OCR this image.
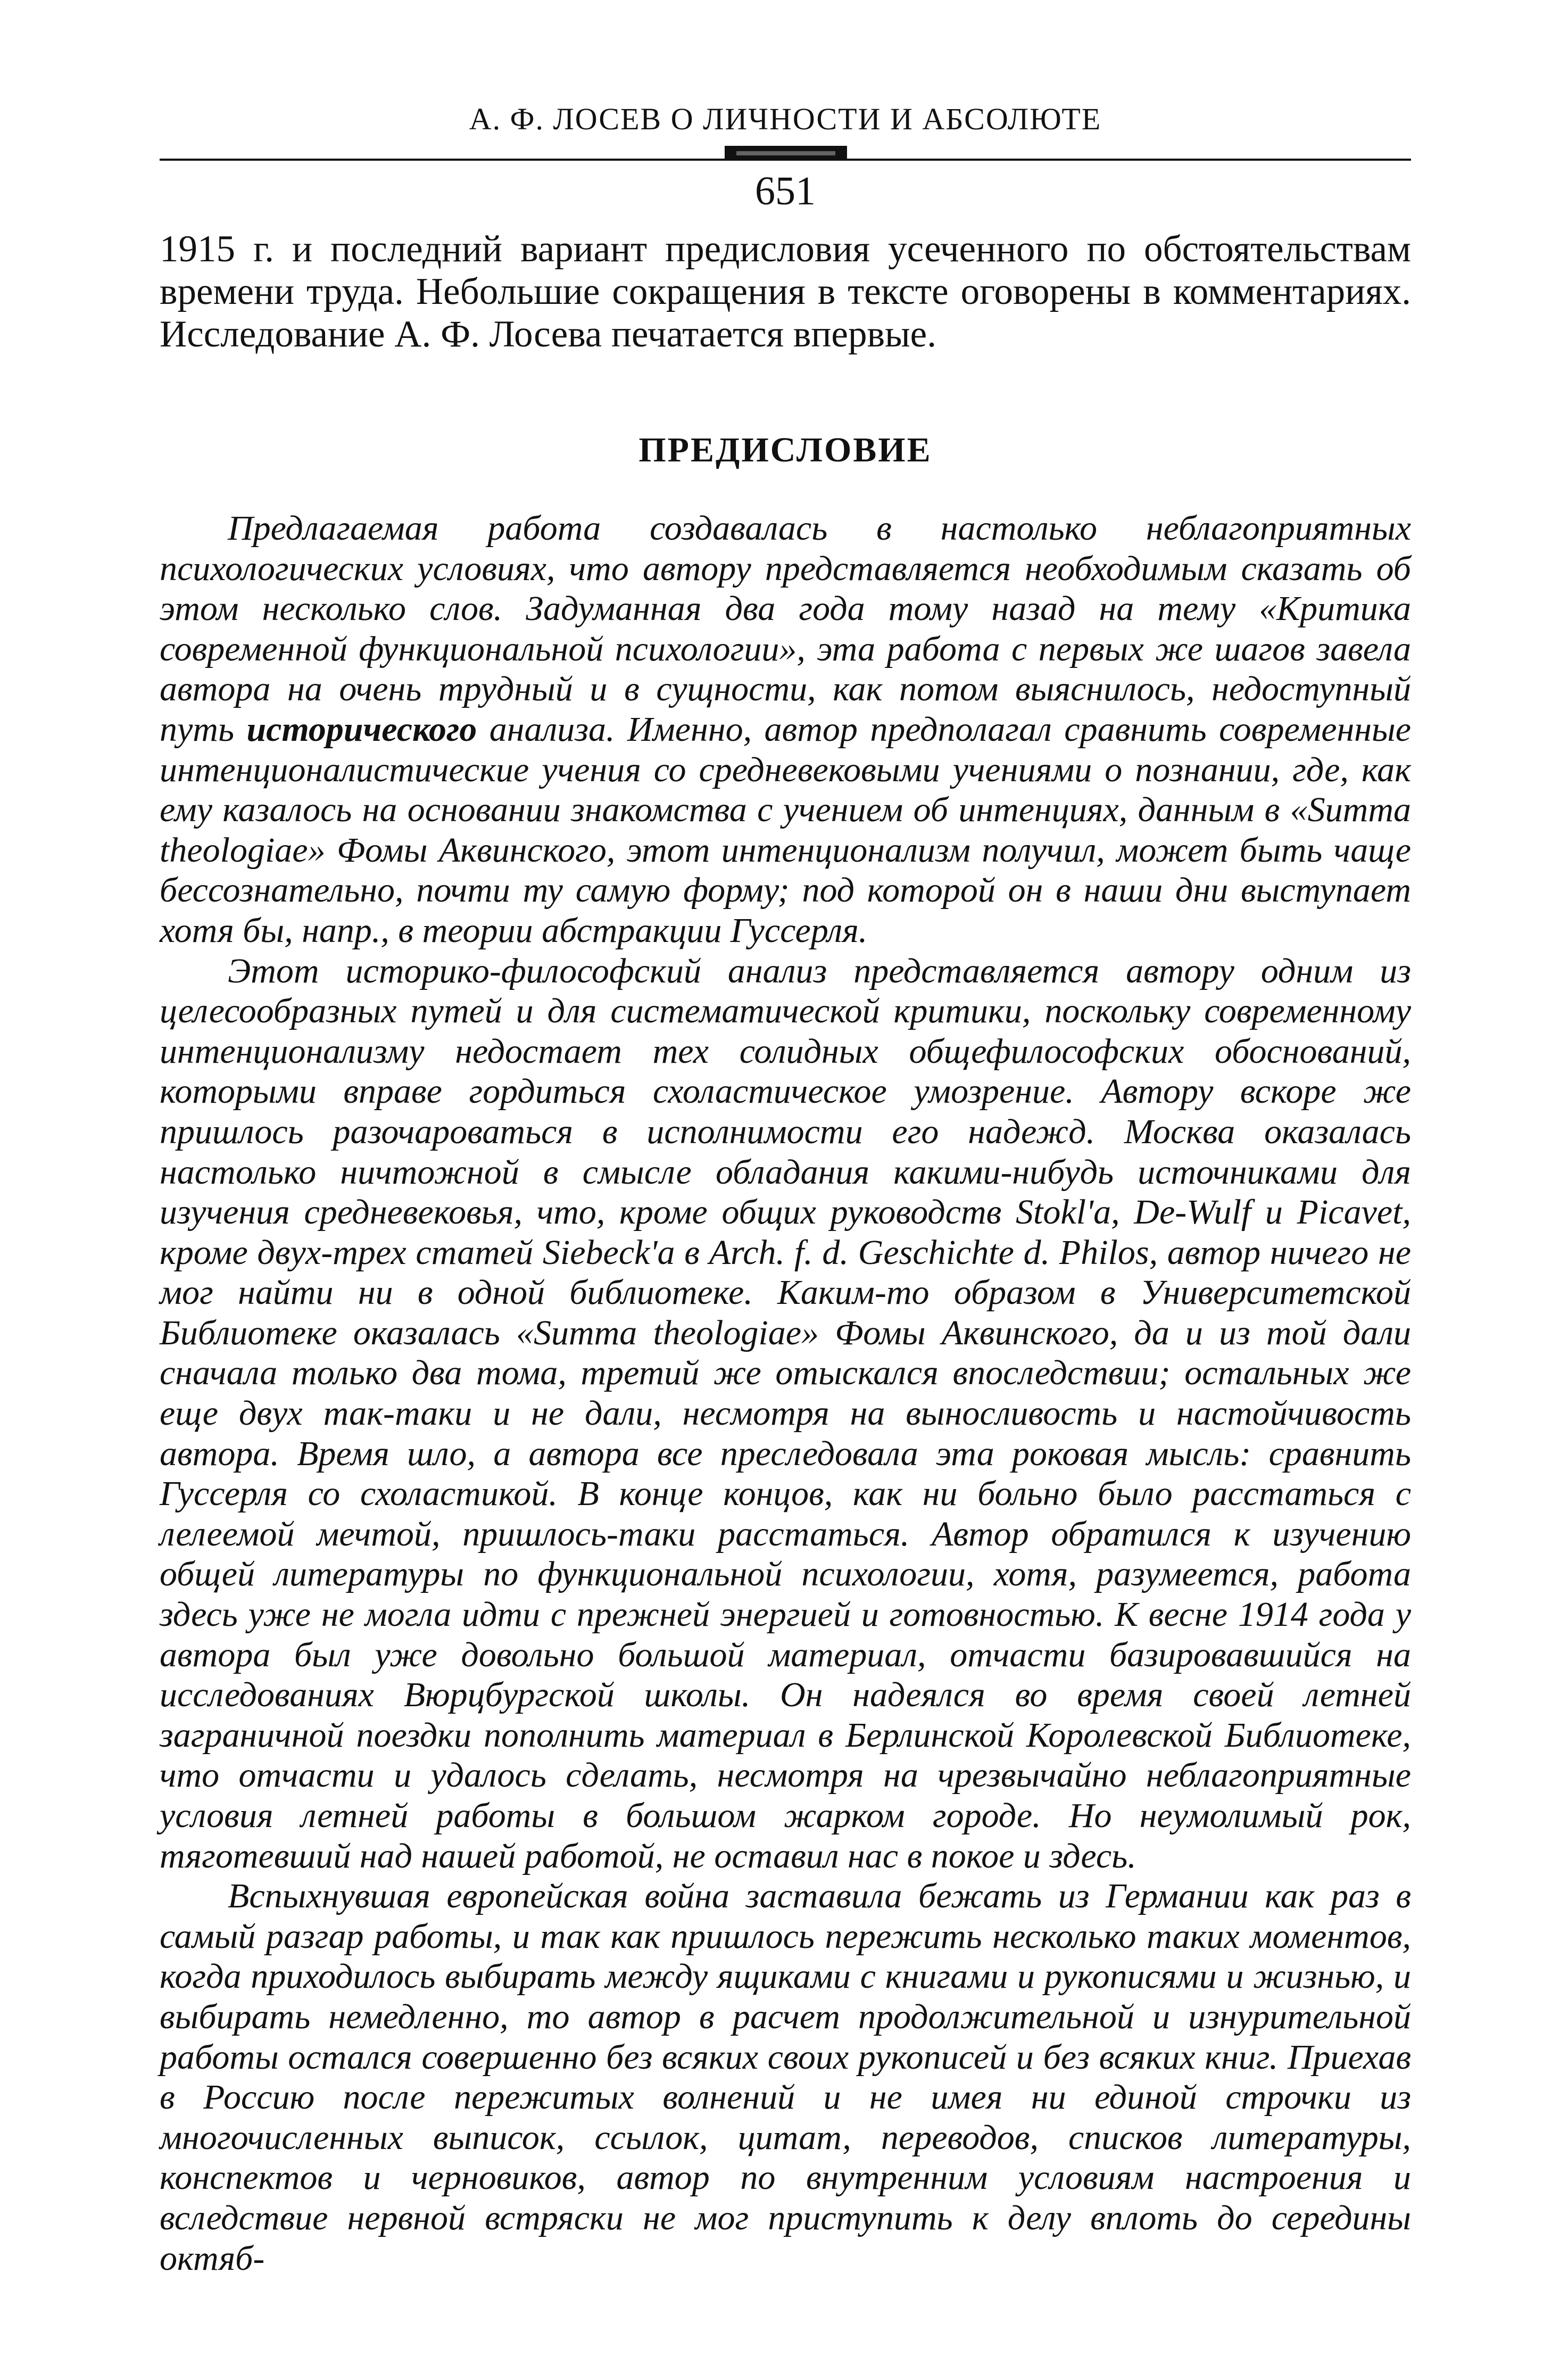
А. Ф. ЛОСЕВ О ЛИЧНОСТИ И АБСОЛЮТЕ
651

1915 г. и последний вариант предисловия усеченного по обстоятельствам времени труда. Небольшие сокращения в тексте оговорены в комментариях. Исследование А. Ф. Лосева печатается впервые.

ПРЕДИСЛОВИЕ

Предлагаемая работа создавалась в настолько неблагоприятных психологических условиях, что автору представляется необходимым сказать об этом несколько слов. Задуманная два года тому назад на тему «Критика современной функциональной психологии», эта работа с первых же шагов завела автора на очень трудный и в сущности, как потом выяснилось, недоступный путь исторического анализа. Именно, автор предполагал сравнить современные интенционалистические учения со средневековыми учениями о познании, где, как ему казалось на основании знакомства с учением об интенциях, данным в «Summa theologiae» Фомы Аквинского, этот интенционализм получил, может быть чаще бессознательно, почти ту самую форму; под которой он в наши дни выступает хотя бы, напр., в теории абстракции Гуссерля.

Этот историко-философский анализ представляется автору одним из целесообразных путей и для систематической критики, поскольку современному интенционализму недостает тех солидных общефилософских обоснований, которыми вправе гордиться схоластическое умозрение. Автору вскоре же пришлось разочароваться в исполнимости его надежд. Москва оказалась настолько ничтожной в смысле обладания какими-нибудь источниками для изучения средневековья, что, кроме общих руководств Stokl'a, De-Wulf и Picavet, кроме двух-трех статей Siebeck'a в Arch. f. d. Geschichte d. Philos, автор ничего не мог найти ни в одной библиотеке. Каким-то образом в Университетской Библиотеке оказалась «Summa theologiae» Фомы Аквинского, да и из той дали сначала только два тома, третий же отыскался впоследствии; остальных же еще двух так-таки и не дали, несмотря на выносливость и настойчивость автора. Время шло, а автора все преследовала эта роковая мысль: сравнить Гуссерля со схоластикой. В конце концов, как ни больно было расстаться с лелеемой мечтой, пришлось-таки расстаться. Автор обратился к изучению общей литературы по функциональной психологии, хотя, разумеется, работа здесь уже не могла идти с прежней энергией и готовностью. К весне 1914 года у автора был уже довольно большой материал, отчасти базировавшийся на исследованиях Вюрцбургской школы. Он надеялся во время своей летней заграничной поездки пополнить материал в Берлинской Королевской Библиотеке, что отчасти и удалось сделать, несмотря на чрезвычайно неблагоприятные условия летней работы в большом жарком городе. Но неумолимый рок, тяготевший над нашей работой, не оставил нас в покое и здесь.

Вспыхнувшая европейская война заставила бежать из Германии как раз в самый разгар работы, и так как пришлось пережить несколько таких моментов, когда приходилось выбирать между ящиками с книгами и рукописями и жизнью, и выбирать немедленно, то автор в расчет продолжительной и изнурительной работы остался совершенно без всяких своих рукописей и без всяких книг. Приехав в Россию после пережитых волнений и не имея ни единой строчки из многочисленных выписок, ссылок, цитат, переводов, списков литературы, конспектов и черновиков, автор по внутренним условиям настроения и вследствие нервной встряски не мог приступить к делу вплоть до середины октяб-
